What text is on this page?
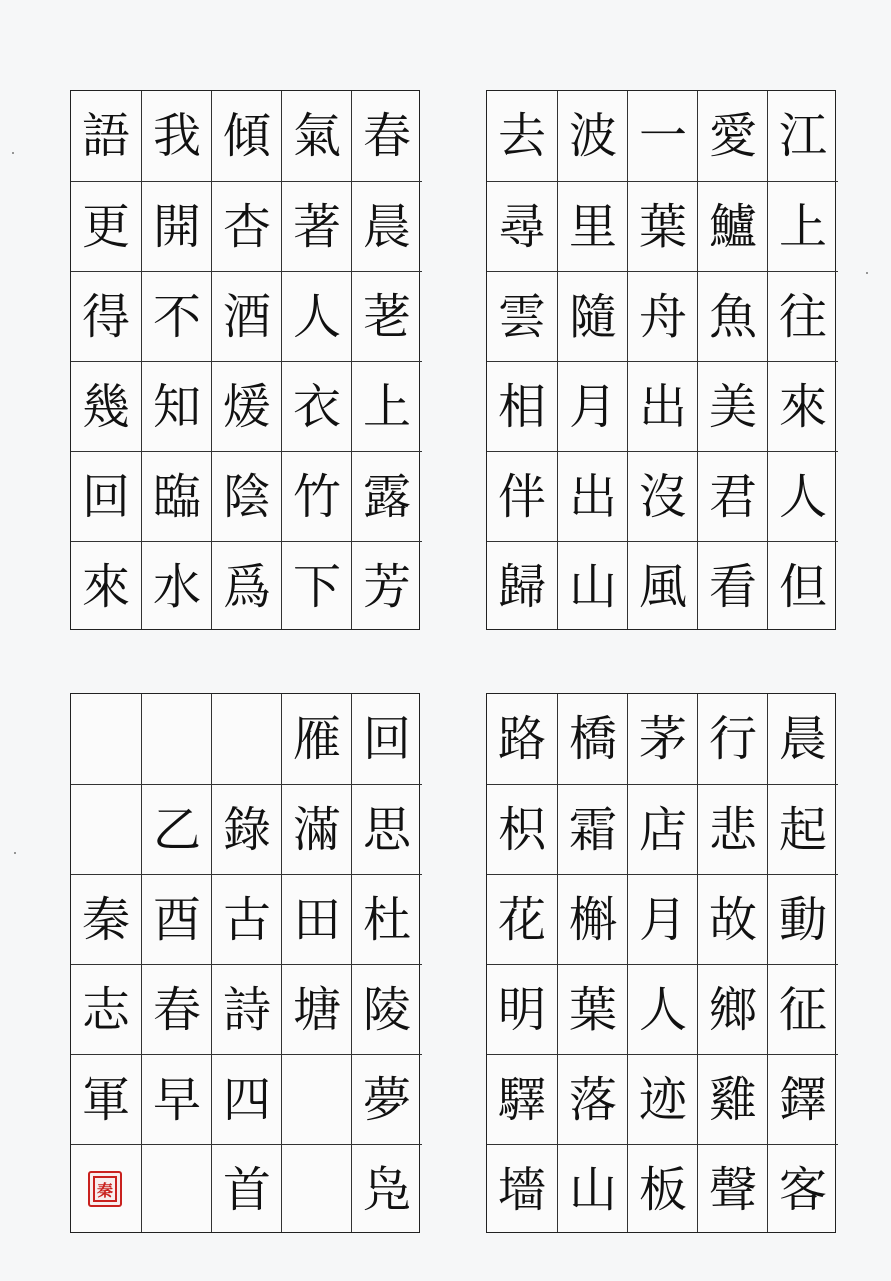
語
更
得
幾
回
來
我
開
不
知
臨
水
傾
杏
酒
煖
陰
爲
氣
著
人
衣
竹
下
春
晨
荖
上
露
芳
去
尋
雲
相
伴
歸
波
里
隨
月
出
山
一
葉
舟
出
沒
風
愛
鱸
魚
美
君
看
江
上
往
來
人
但
秦
志
軍
乙
酉
春
早
錄
古
詩
四
首
雁
滿
田
塘
回
思
杜
陵
夢
凫
秦
路
枳
花
明
驛
墻
橋
霜
槲
葉
落
山
茅
店
月
人
迹
板
行
悲
故
鄉
雞
聲
晨
起
動
征
鐸
客
